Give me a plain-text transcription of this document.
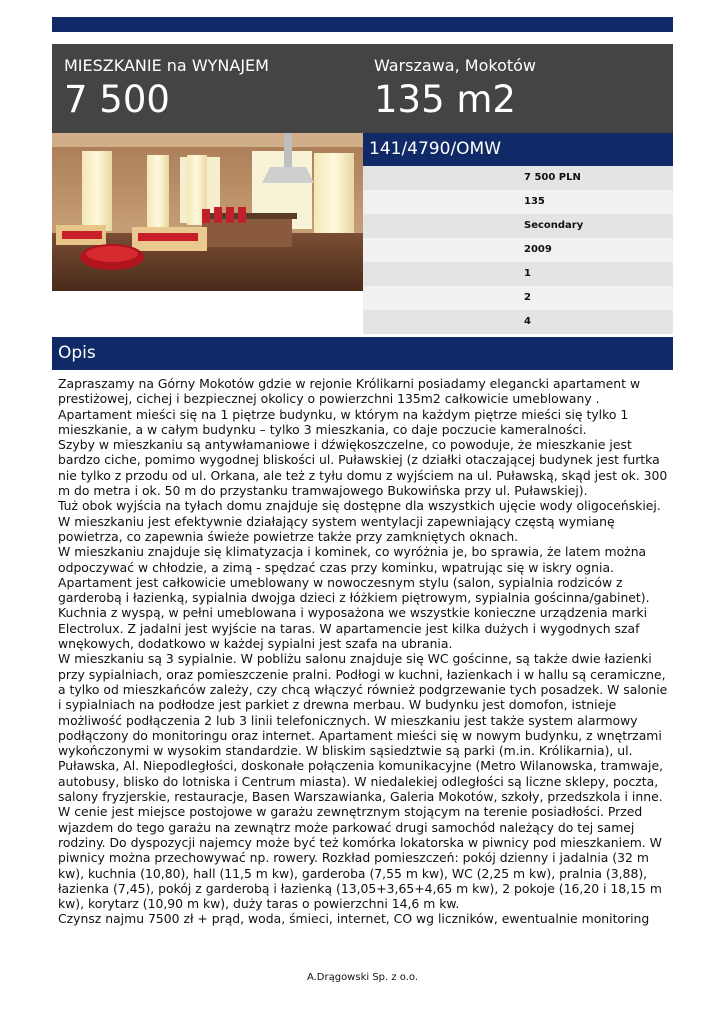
MIESZKANIE na WYNAJEM
7 500
Warszawa, Mokotów
135 m2
141/4790/OMW
7 500 PLN
135
Secondary
2009
1
2
4
Opis

Zapraszamy na Górny Mokotów gdzie w rejonie Królikarni posiadamy elegancki apartament w prestiżowej, cichej i bezpiecznej okolicy o powierzchni 135m2 całkowicie umeblowany .

Apartament mieści się na 1 piętrze budynku, w którym na każdym piętrze mieści się tylko 1 mieszkanie, a w całym budynku – tylko 3 mieszkania, co daje poczucie kameralności.

Szyby w mieszkaniu są antywłamaniowe i dźwiękoszczelne, co powoduje, że mieszkanie jest bardzo ciche, pomimo wygodnej bliskości ul. Puławskiej (z działki otaczającej budynek jest furtka nie tylko z przodu od ul. Orkana, ale też z tyłu domu z wyjściem na ul. Puławską, skąd jest ok. 300 m do metra i ok. 50 m do przystanku tramwajowego Bukowińska przy ul. Puławskiej).

Tuż obok wyjścia na tyłach domu znajduje się dostępne dla wszystkich ujęcie wody oligoceńskiej.

W mieszkaniu jest efektywnie działający system wentylacji zapewniający częstą wymianę powietrza, co zapewnia świeże powietrze także przy zamkniętych oknach.

W mieszkaniu znajduje się klimatyzacja i kominek, co wyróżnia je, bo sprawia, że latem można odpoczywać w chłodzie, a zimą - spędzać czas przy kominku, wpatrując się w iskry ognia.

Apartament jest całkowicie umeblowany w nowoczesnym stylu (salon, sypialnia rodziców z garderobą i łazienką, sypialnia dwojga dzieci z łóżkiem piętrowym, sypialnia gościnna/gabinet).

Kuchnia z wyspą, w pełni umeblowana i wyposażona we wszystkie konieczne urządzenia marki Electrolux. Z jadalni jest wyjście na taras. W apartamencie jest kilka dużych i wygodnych szaf wnękowych, dodatkowo w każdej sypialni jest szafa na ubrania.

W mieszkaniu są 3 sypialnie. W pobliżu salonu znajduje się WC gościnne, są także dwie łazienki przy sypialniach, oraz pomieszczenie pralni. Podłogi w kuchni, łazienkach i w hallu są ceramiczne, a tylko od mieszkańców zależy, czy chcą włączyć również podgrzewanie tych posadzek. W salonie i sypialniach na podłodze jest parkiet z drewna merbau. W budynku jest domofon, istnieje możliwość podłączenia 2 lub 3 linii telefonicznych. W mieszkaniu jest także system alarmowy podłączony do monitoringu oraz internet. Apartament mieści się w nowym budynku, z wnętrzami wykończonymi w wysokim standardzie. W bliskim sąsiedztwie są parki (m.in. Królikarnia), ul. Puławska, Al. Niepodległości, doskonałe połączenia komunikacyjne (Metro Wilanowska, tramwaje, autobusy, blisko do lotniska i Centrum miasta). W niedalekiej odległości są liczne sklepy, poczta, salony fryzjerskie, restauracje, Basen Warszawianka, Galeria Mokotów, szkoły, przedszkola i inne.

W cenie jest miejsce postojowe w garażu zewnętrznym stojącym na terenie posiadłości. Przed wjazdem do tego garażu na zewnątrz może parkować drugi samochód należący do tej samej rodziny. Do dyspozycji najemcy może być też komórka lokatorska w piwnicy pod mieszkaniem. W piwnicy można przechowywać np. rowery. Rozkład pomieszczeń: pokój dzienny i jadalnia (32 m kw), kuchnia (10,80), hall (11,5 m kw), garderoba (7,55 m kw), WC (2,25 m kw), pralnia (3,88), łazienka (7,45), pokój z garderobą i łazienką (13,05+3,65+4,65 m kw), 2 pokoje (16,20 i 18,15 m kw), korytarz (10,90 m kw), duży taras o powierzchni 14,6 m kw.

Czynsz najmu 7500 zł + prąd, woda, śmieci, internet, CO wg liczników, ewentualnie monitoring

A.Drągowski Sp. z o.o.
